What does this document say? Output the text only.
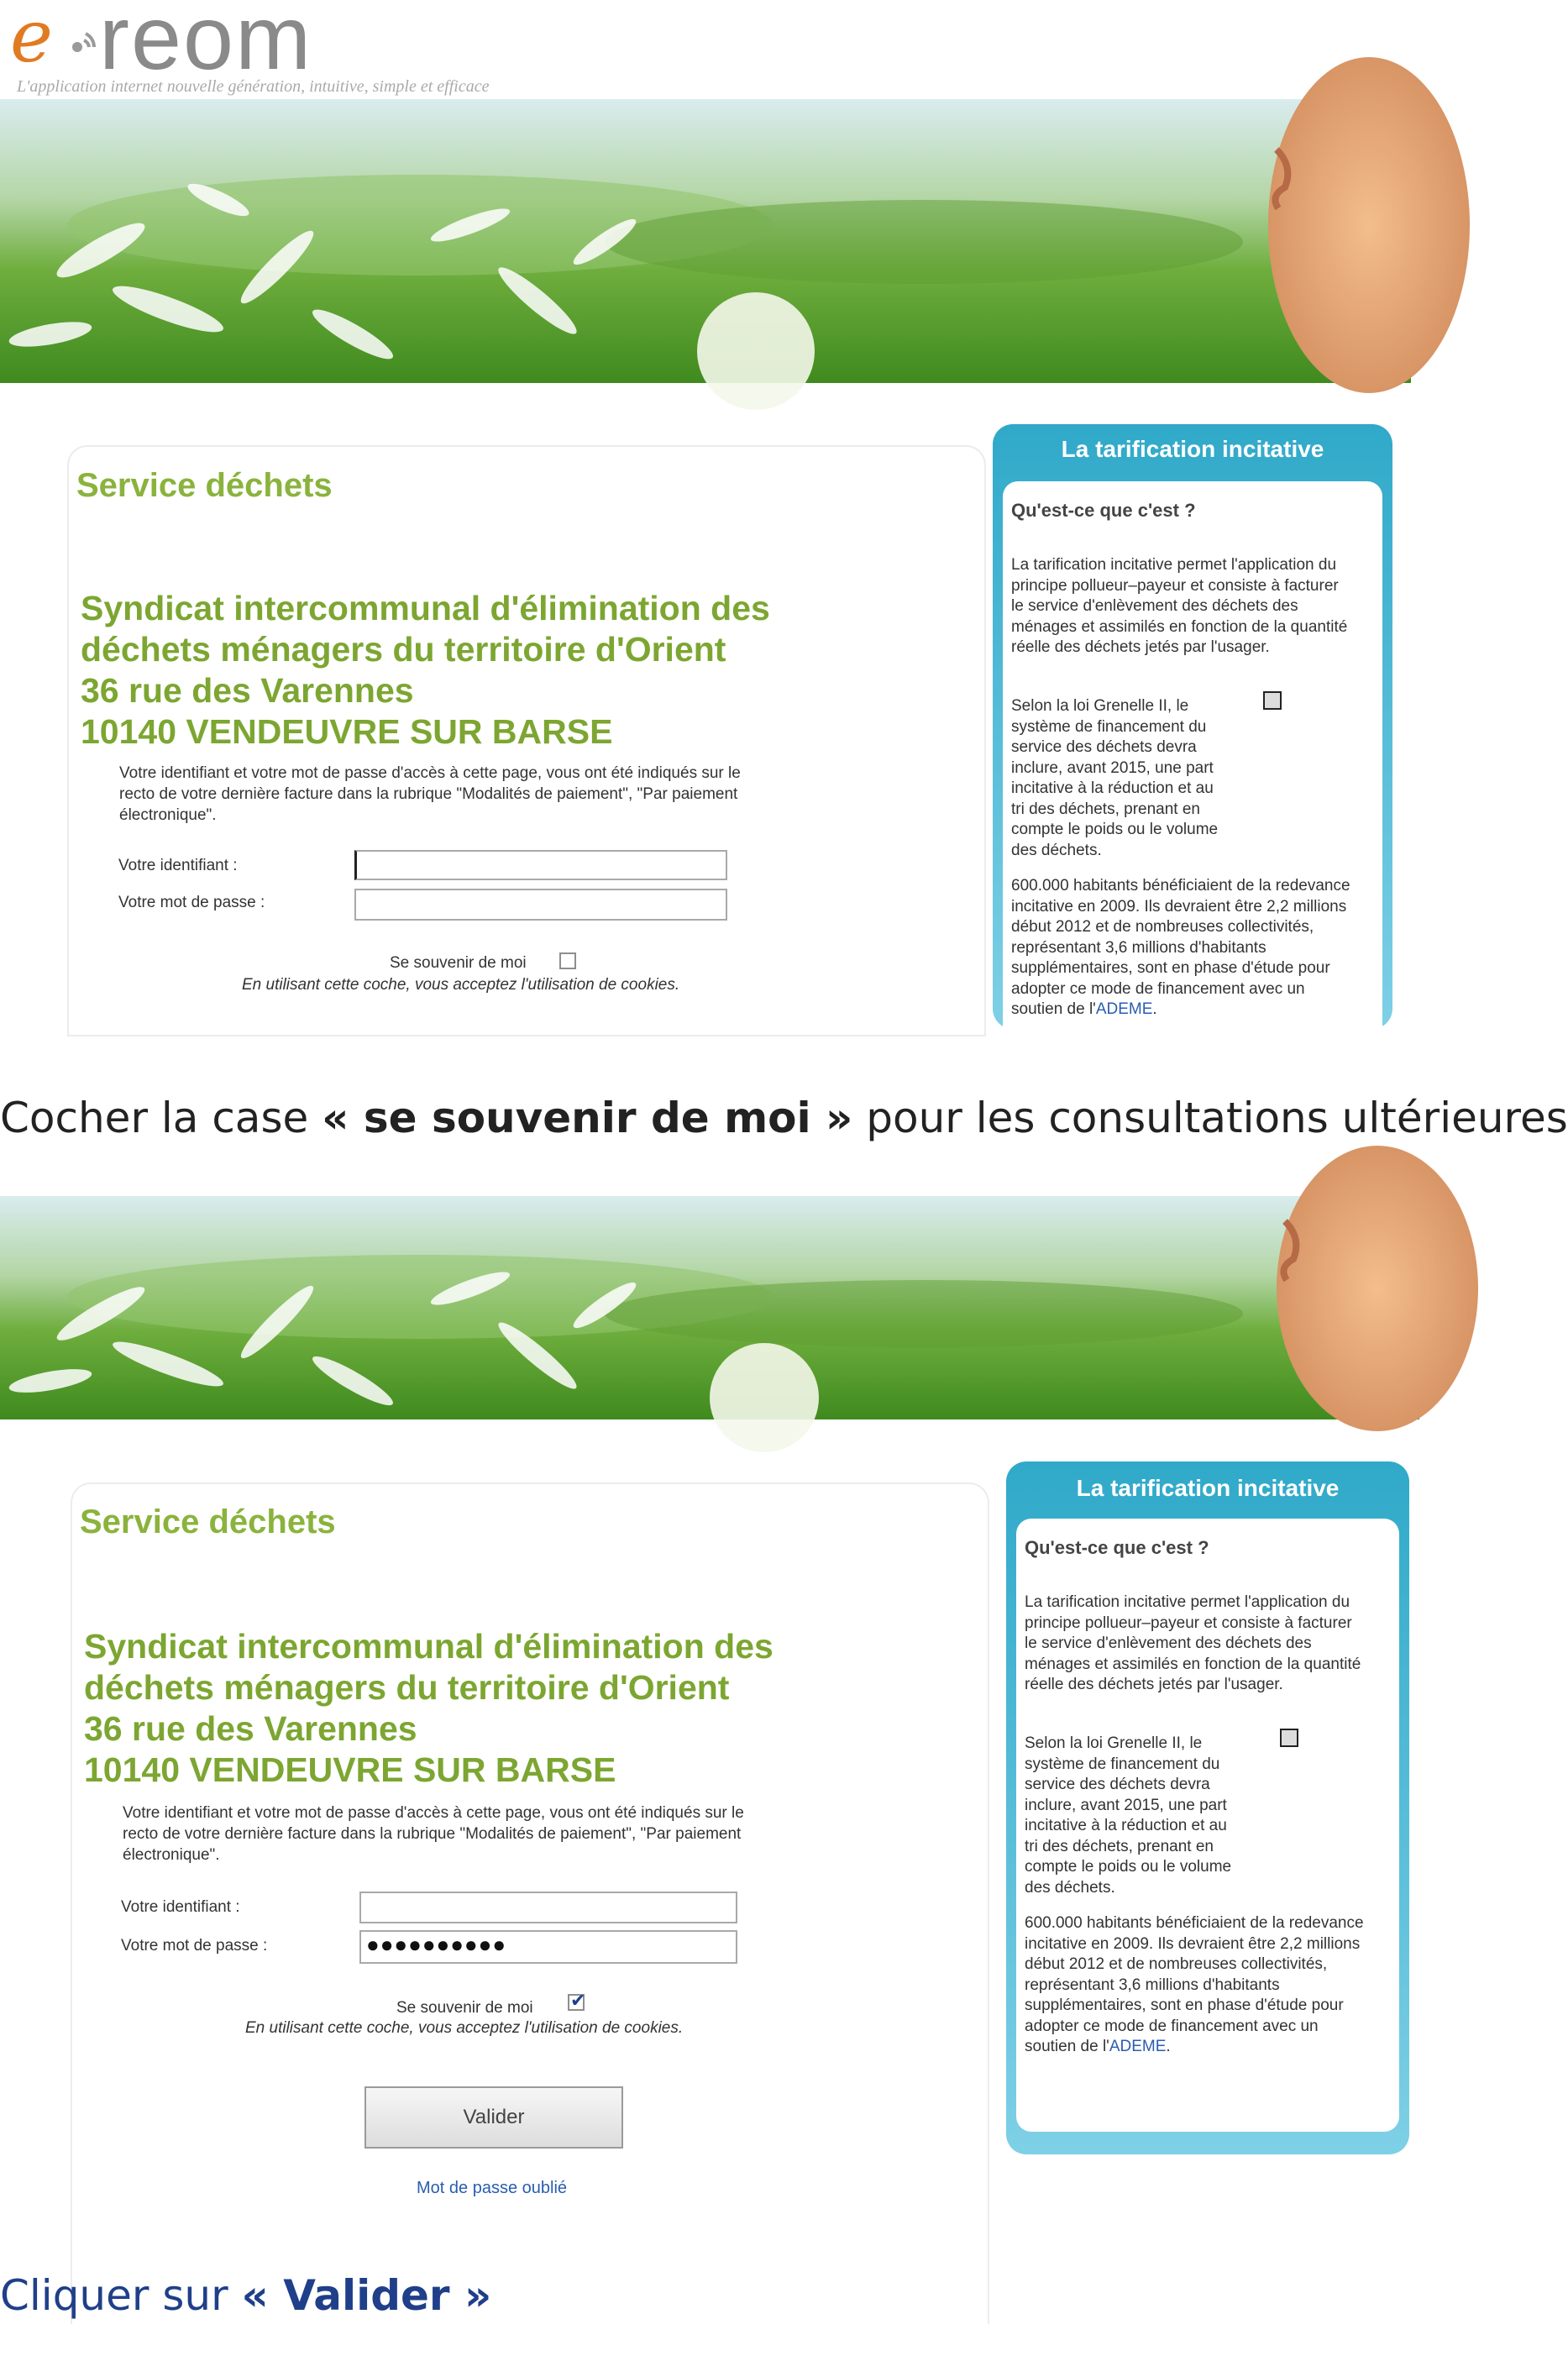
e reom
L'application internet nouvelle génération, intuitive, simple et efficace
Service déchets
Syndicat intercommunal d'élimination des
déchets ménagers du territoire d'Orient
36 rue des Varennes
10140 VENDEUVRE SUR BARSE
Votre identifiant et votre mot de passe d'accès à cette page, vous ont été indiqués sur le
recto de votre dernière facture dans la rubrique "Modalités de paiement", "Par paiement
électronique".
Votre identifiant :
Votre mot de passe :
Se souvenir de moi
En utilisant cette coche, vous acceptez l'utilisation de cookies.
La tarification incitative
Qu'est-ce que c'est ?
La tarification incitative permet l'application du
principe pollueur–payeur et consiste à facturer
le service d'enlèvement des déchets des
ménages et assimilés en fonction de la quantité
réelle des déchets jetés par l'usager.
Selon la loi Grenelle II, le
système de financement du
service des déchets devra
inclure, avant 2015, une part
incitative à la réduction et au
tri des déchets, prenant en
compte le poids ou le volume
des déchets.
600.000 habitants bénéficiaient de la redevance
incitative en 2009. Ils devraient être 2,2 millions
début 2012 et de nombreuses collectivités,
représentant 3,6 millions d'habitants
supplémentaires, sont en phase d'étude pour
adopter ce mode de financement avec un
soutien de l'ADEME.
Cocher la case « se souvenir de moi » pour les consultations ultérieures
Service déchets
Syndicat intercommunal d'élimination des
déchets ménagers du territoire d'Orient
36 rue des Varennes
10140 VENDEUVRE SUR BARSE
Votre identifiant et votre mot de passe d'accès à cette page, vous ont été indiqués sur le
recto de votre dernière facture dans la rubrique "Modalités de paiement", "Par paiement
électronique".
Votre identifiant :
Votre mot de passe :	●●●●●●●●●●
Se souvenir de moi ✔
En utilisant cette coche, vous acceptez l'utilisation de cookies.
Valider
Mot de passe oublié
La tarification incitative
Qu'est-ce que c'est ?
La tarification incitative permet l'application du
principe pollueur–payeur et consiste à facturer
le service d'enlèvement des déchets des
ménages et assimilés en fonction de la quantité
réelle des déchets jetés par l'usager.
Selon la loi Grenelle II, le
système de financement du
service des déchets devra
inclure, avant 2015, une part
incitative à la réduction et au
tri des déchets, prenant en
compte le poids ou le volume
des déchets.
600.000 habitants bénéficiaient de la redevance
incitative en 2009. Ils devraient être 2,2 millions
début 2012 et de nombreuses collectivités,
représentant 3,6 millions d'habitants
supplémentaires, sont en phase d'étude pour
adopter ce mode de financement avec un
soutien de l'ADEME.
Cliquer sur « Valider »
